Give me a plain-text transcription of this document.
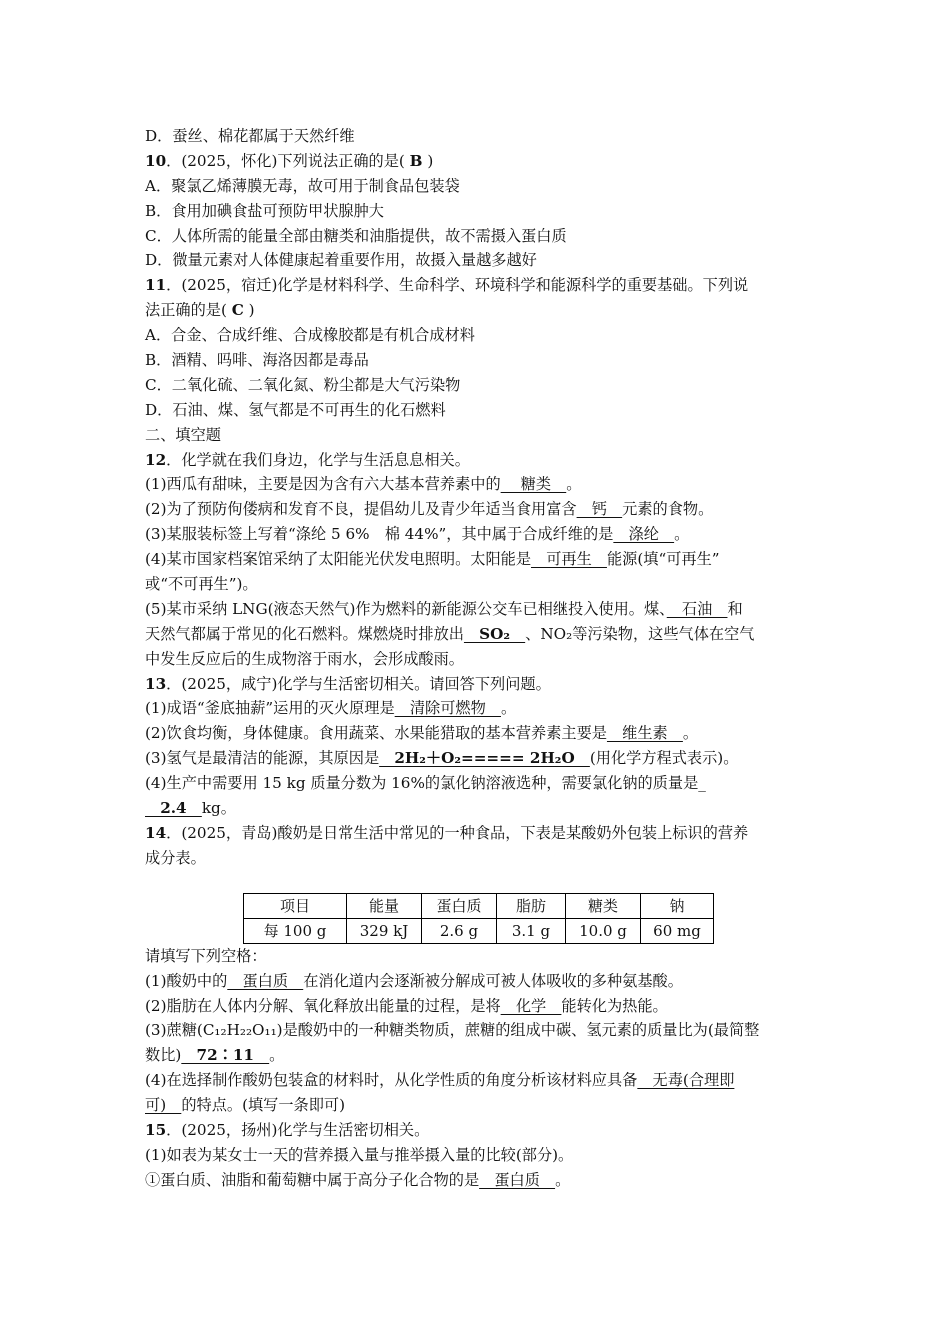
D．蚕丝、棉花都属于天然纤维
10．(2025，怀化)下列说法正确的是( B )
A．聚氯乙烯薄膜无毒，故可用于制食品包装袋
B．食用加碘食盐可预防甲状腺肿大
C．人体所需的能量全部由糖类和油脂提供，故不需摄入蛋白质
D．微量元素对人体健康起着重要作用，故摄入量越多越好
11．(2025，宿迁)化学是材料科学、生命科学、环境科学和能源科学的重要基础。下列说
法正确的是( C )
A．合金、合成纤维、合成橡胶都是有机合成材料
B．酒精、吗啡、海洛因都是毒品
C．二氧化硫、二氧化氮、粉尘都是大气污染物
D．石油、煤、氢气都是不可再生的化石燃料
二、填空题
12．化学就在我们身边，化学与生活息息相关。
(1)西瓜有甜味，主要是因为含有六大基本营养素中的　 糖类　。
(2)为了预防佝偻病和发育不良，提倡幼儿及青少年适当食用富含　钙　元素的食物。
(3)某服装标签上写着“涤纶 5 6%　棉 44%”，其中属于合成纤维的是　涤纶　。
(4)某市国家档案馆采纳了太阳能光伏发电照明。太阳能是　可再生　能源(填“可再生”
或“不可再生”)。
(5)某市采纳 LNG(液态天然气)作为燃料的新能源公交车已相继投入使用。煤、　石油　和
天然气都属于常见的化石燃料。煤燃烧时排放出　SO₂　、NO₂等污染物，这些气体在空气
中发生反应后的生成物溶于雨水，会形成酸雨。
13．(2025，咸宁)化学与生活密切相关。请回答下列问题。
(1)成语“釜底抽薪”运用的灭火原理是　清除可燃物　。
(2)饮食均衡，身体健康。食用蔬菜、水果能猎取的基本营养素主要是　维生素　。
(3)氢气是最清洁的能源，其原因是　2H₂＋O₂===== 2H₂O　(用化学方程式表示)。
(4)生产中需要用 15 kg 质量分数为 16%的氯化钠溶液选种，需要氯化钠的质量是_
　2.4　kg。
14．(2025，青岛)酸奶是日常生活中常见的一种食品，下表是某酸奶外包装上标识的营养
成分表。
项目	能量	蛋白质	脂肪	糖类	钠
每 100 g	329 kJ	2.6 g	3.1 g	10.0 g	60 mg
请填写下列空格：
(1)酸奶中的　蛋白质　在消化道内会逐渐被分解成可被人体吸收的多种氨基酸。
(2)脂肪在人体内分解、氧化释放出能量的过程，是将　化学　能转化为热能。
(3)蔗糖(C₁₂H₂₂O₁₁)是酸奶中的一种糖类物质，蔗糖的组成中碳、氢元素的质量比为(最简整
数比)　72∶11　。
(4)在选择制作酸奶包装盒的材料时，从化学性质的角度分析该材料应具备　无毒(合理即
可)　的特点。(填写一条即可)
15．(2025，扬州)化学与生活密切相关。
(1)如表为某女士一天的营养摄入量与推举摄入量的比较(部分)。
①蛋白质、油脂和葡萄糖中属于高分子化合物的是　蛋白质　。
